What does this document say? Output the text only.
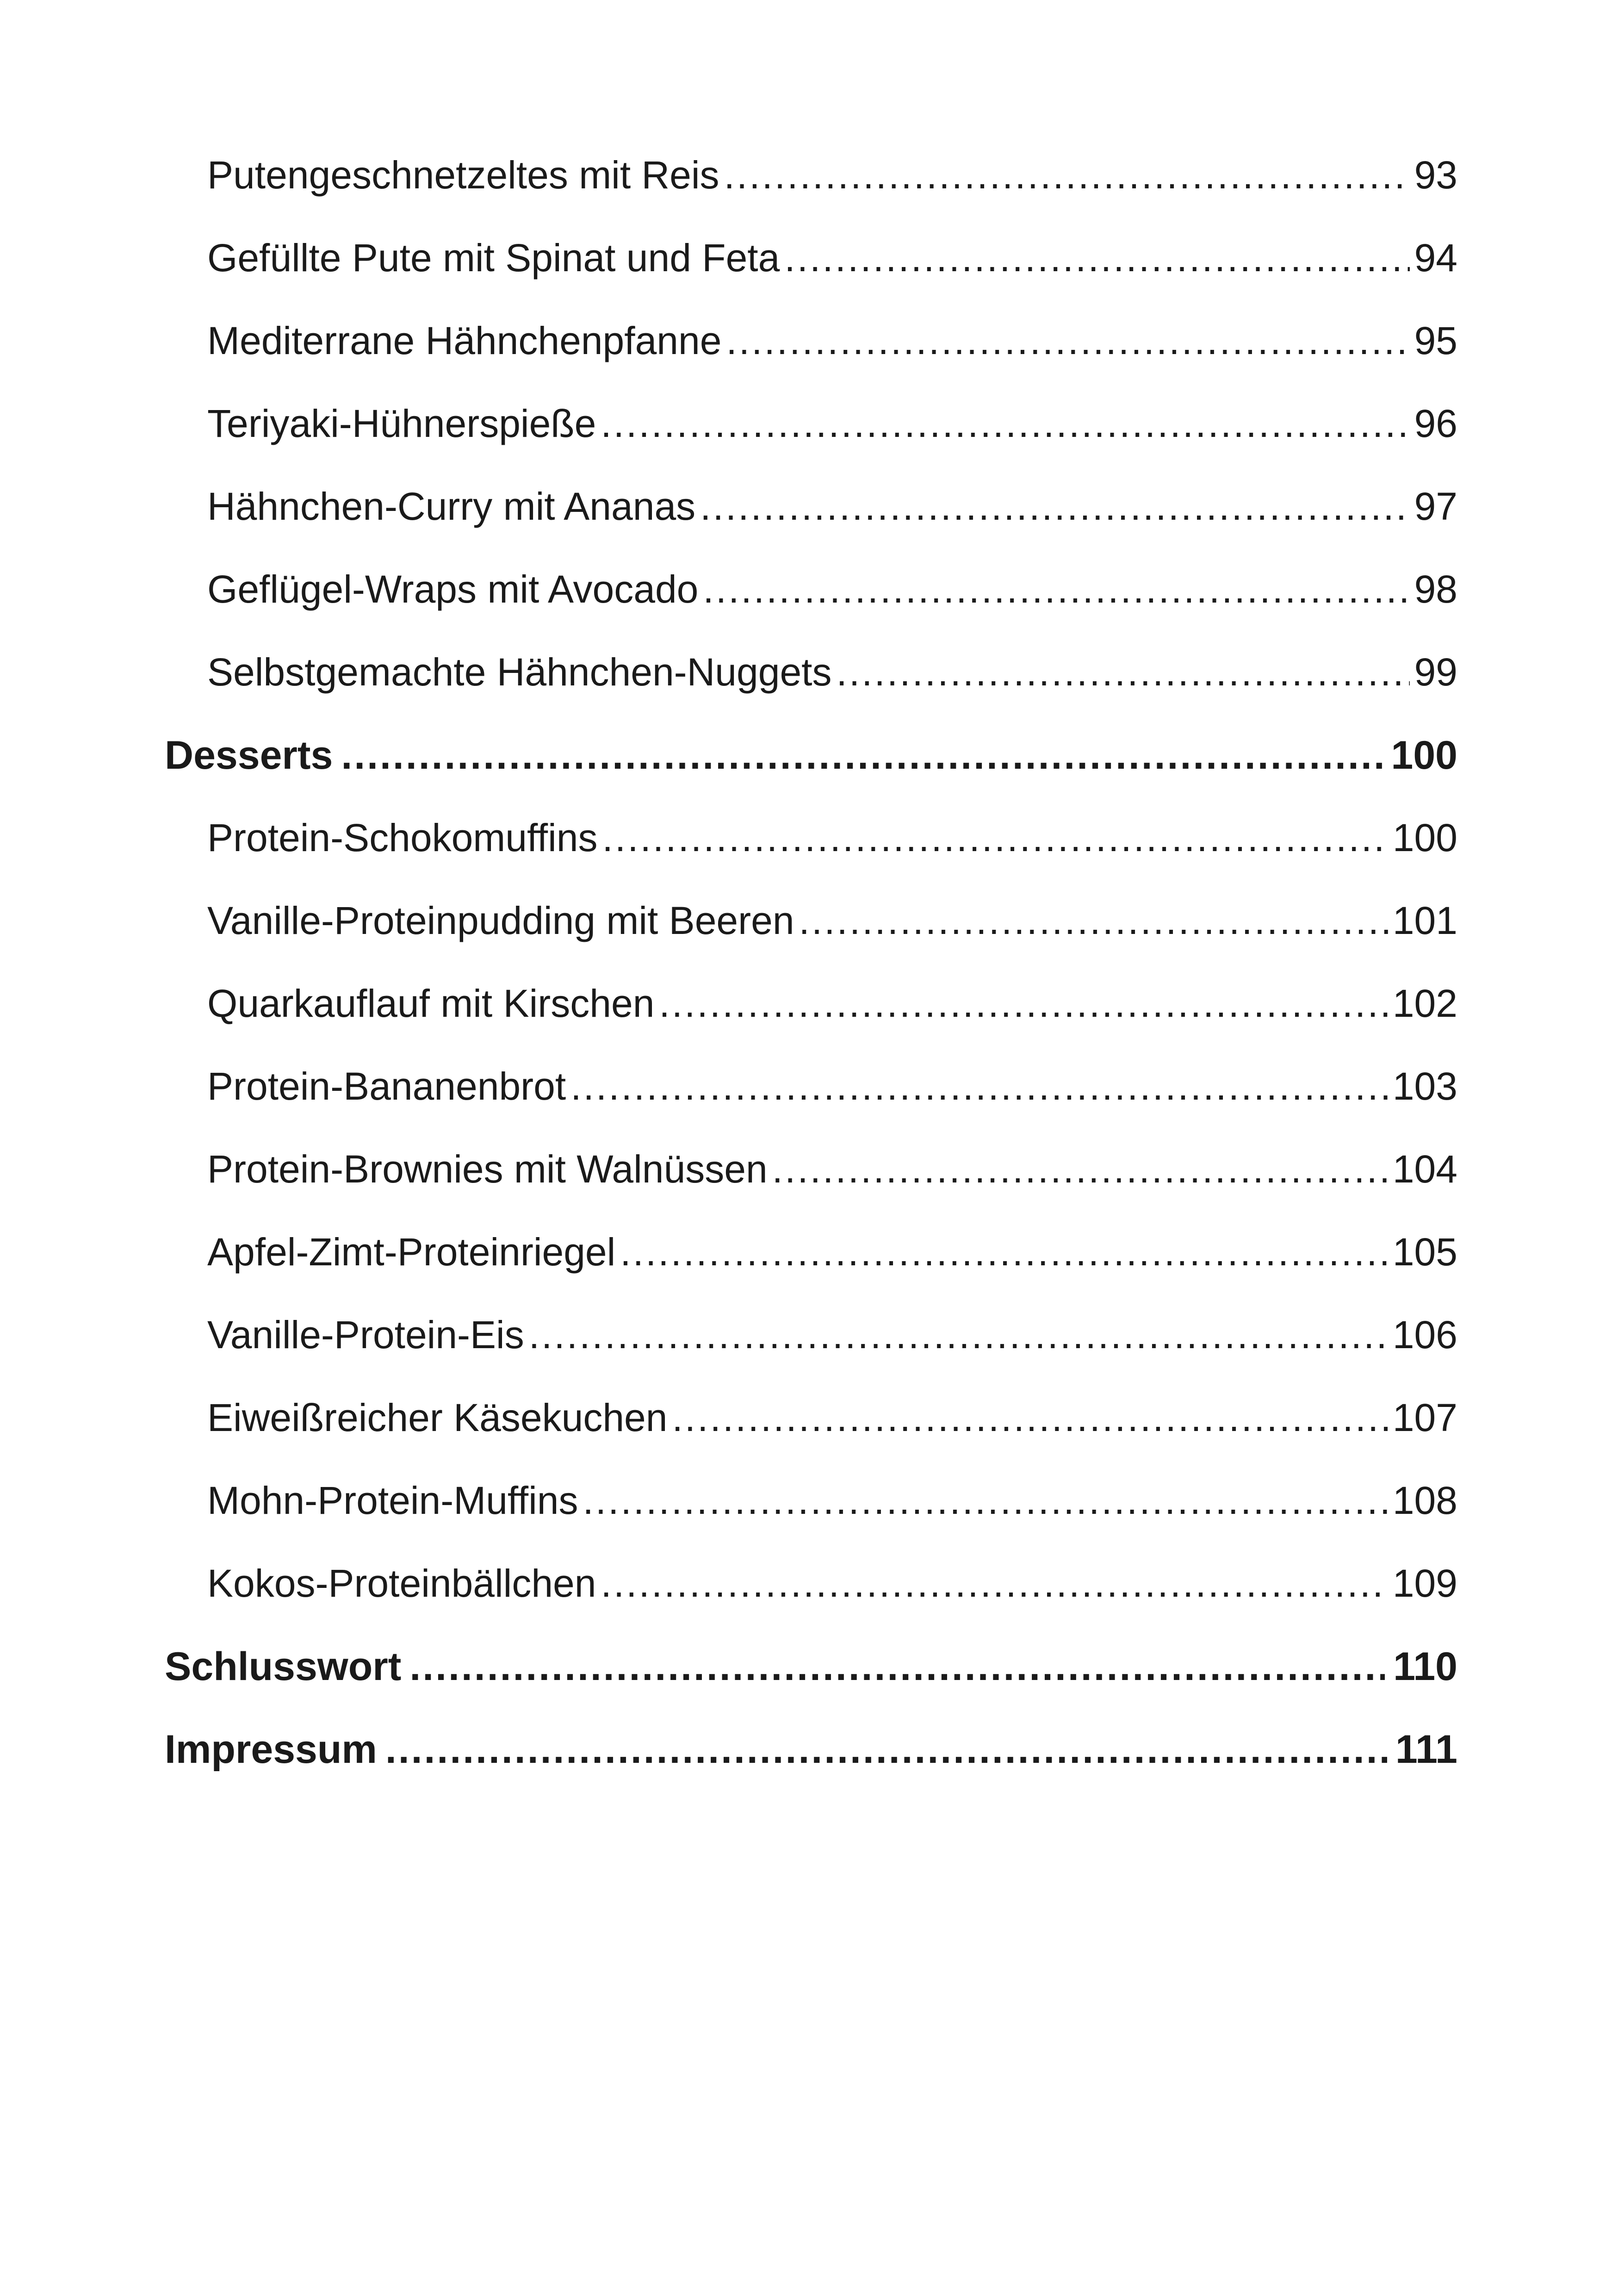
Putengeschnetzeltes mit Reis .....	93
Gefüllte Pute mit Spinat und Feta .....	94
Mediterrane Hähnchenpfanne .....	95
Teriyaki-Hühnerspieße .....	96
Hähnchen-Curry mit Ananas .....	97
Geflügel-Wraps mit Avocado .....	98
Selbstgemachte Hähnchen-Nuggets .....	99
Desserts .....	100
Protein-Schokomuffins .....	100
Vanille-Proteinpudding mit Beeren .....	101
Quarkauflauf mit Kirschen .....	102
Protein-Bananenbrot .....	103
Protein-Brownies mit Walnüssen .....	104
Apfel-Zimt-Proteinriegel .....	105
Vanille-Protein-Eis .....	106
Eiweißreicher Käsekuchen .....	107
Mohn-Protein-Muffins .....	108
Kokos-Proteinbällchen .....	109
Schlusswort .....	110
Impressum .....	111
